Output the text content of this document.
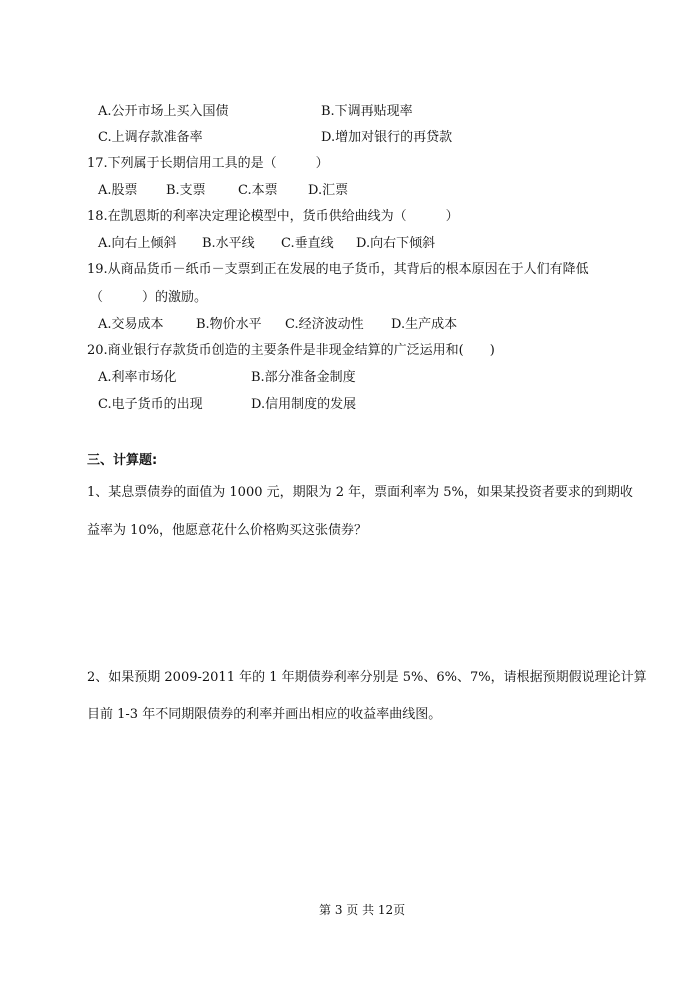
A.公开市场上买入国债	B.下调再贴现率
C.上调存款准备率	D.增加对银行的再贷款
17.下列属于长期信用工具的是（　　　）
A.股票 B.支票 C.本票 D.汇票
18.在凯恩斯的利率决定理论模型中，货币供给曲线为（　　　）
A.向右上倾斜 B.水平线 C.垂直线 D.向右下倾斜
19.从商品货币－纸币－支票到正在发展的电子货币，其背后的根本原因在于人们有降低
（　　　）的激励。
A.交易成本 B.物价水平 C.经济波动性 D.生产成本
20.商业银行存款货币创造的主要条件是非现金结算的广泛运用和(　　)
A.利率市场化	B.部分准备金制度
C.电子货币的出现	D.信用制度的发展
三、计算题:
1、某息票债券的面值为 1000 元，期限为 2 年，票面利率为 5%，如果某投资者要求的到期收
益率为 10%，他愿意花什么价格购买这张债券？
2、如果预期 2009-2011 年的 1 年期债券利率分别是 5%、6%、7%，请根据预期假说理论计算
目前 1-3 年不同期限债券的利率并画出相应的收益率曲线图。
第 3 页 共 12页
